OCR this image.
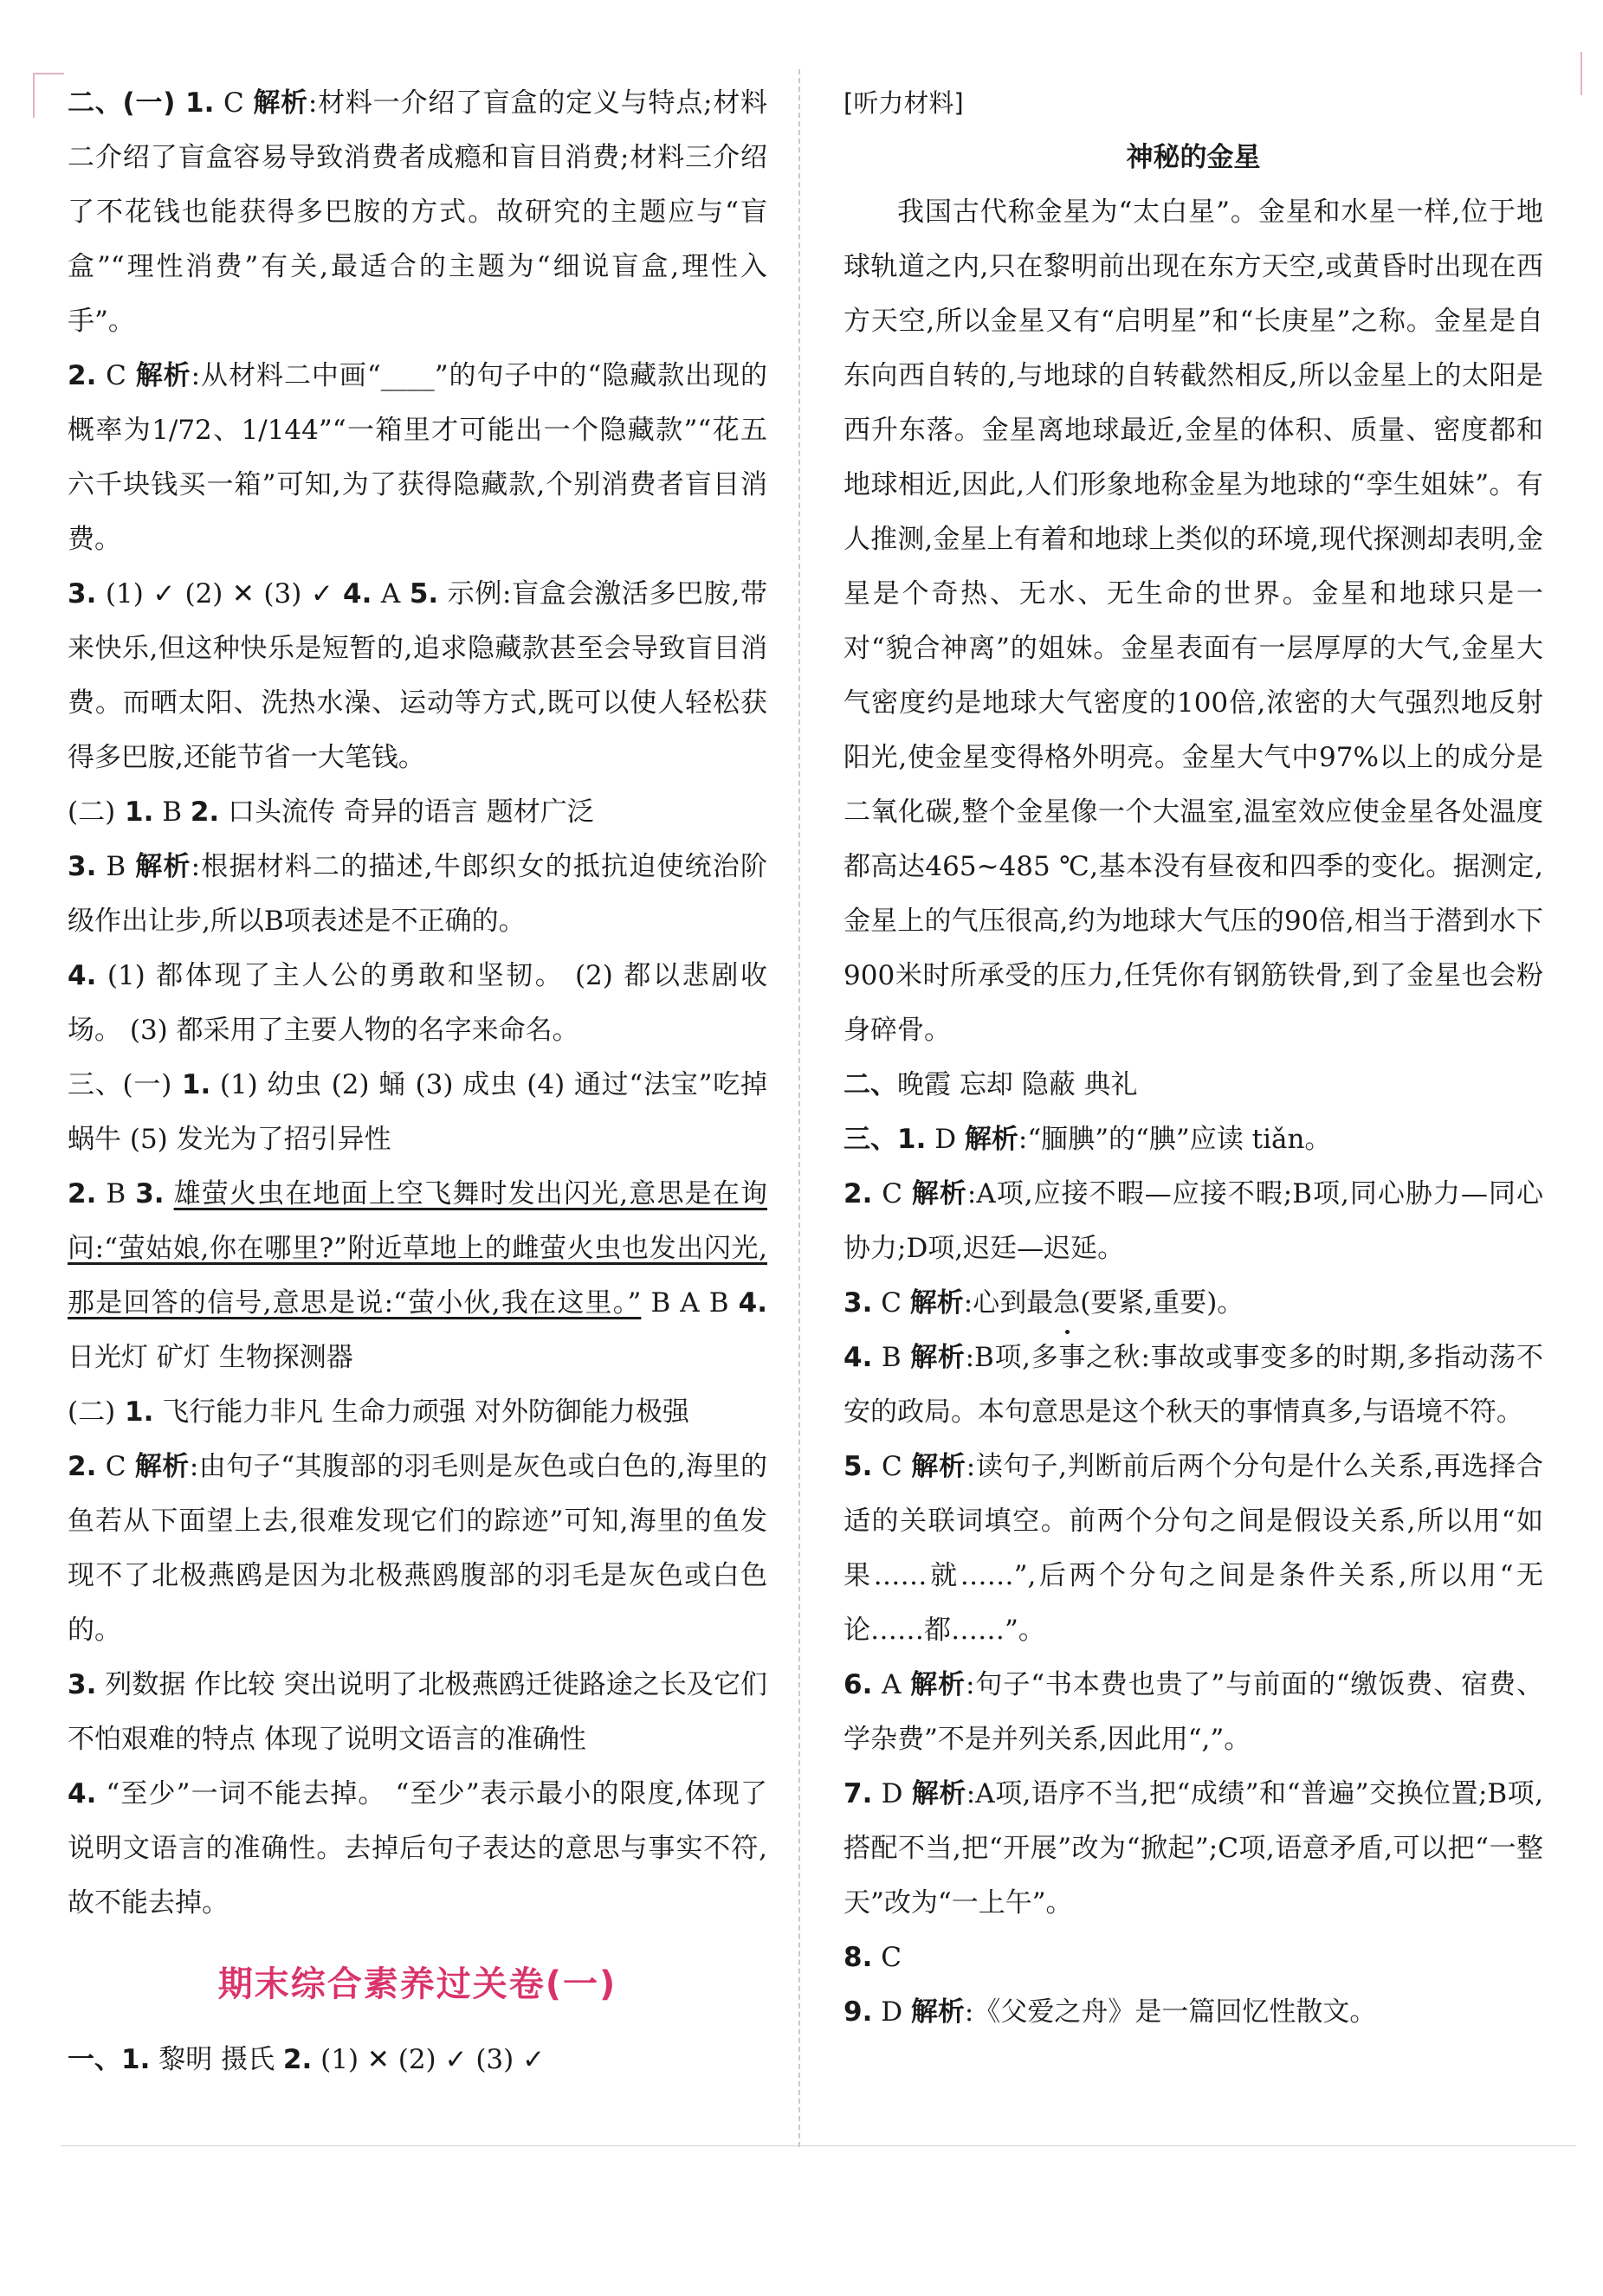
二、(一) 1. C 解析:材料一介绍了盲盒的定义与特点;材料二介绍了盲盒容易导致消费者成瘾和盲目消费;材料三介绍了不花钱也能获得多巴胺的方式。故研究的主题应与“盲盒”“理性消费”有关,最适合的主题为“细说盲盒,理性入手”。

2. C 解析:从材料二中画“____”的句子中的“隐藏款出现的概率为1/72、1/144”“一箱里才可能出一个隐藏款”“花五六千块钱买一箱”可知,为了获得隐藏款,个别消费者盲目消费。

3. (1) ✓ (2) ✕ (3) ✓ 4. A 5. 示例:盲盒会激活多巴胺,带来快乐,但这种快乐是短暂的,追求隐藏款甚至会导致盲目消费。而晒太阳、洗热水澡、运动等方式,既可以使人轻松获得多巴胺,还能节省一大笔钱。

(二) 1. B 2. 口头流传 奇异的语言 题材广泛

3. B 解析:根据材料二的描述,牛郎织女的抵抗迫使统治阶级作出让步,所以B项表述是不正确的。

4. (1) 都体现了主人公的勇敢和坚韧。 (2) 都以悲剧收场。 (3) 都采用了主要人物的名字来命名。

三、(一) 1. (1) 幼虫 (2) 蛹 (3) 成虫 (4) 通过“法宝”吃掉蜗牛 (5) 发光为了招引异性

2. B 3. 雄萤火虫在地面上空飞舞时发出闪光,意思是在询问:“萤姑娘,你在哪里?”附近草地上的雌萤火虫也发出闪光,那是回答的信号,意思是说:“萤小伙,我在这里。” B A B 4. 日光灯 矿灯 生物探测器

(二) 1. 飞行能力非凡 生命力顽强 对外防御能力极强

2. C 解析:由句子“其腹部的羽毛则是灰色或白色的,海里的鱼若从下面望上去,很难发现它们的踪迹”可知,海里的鱼发现不了北极燕鸥是因为北极燕鸥腹部的羽毛是灰色或白色的。

3. 列数据 作比较 突出说明了北极燕鸥迁徙路途之长及它们不怕艰难的特点 体现了说明文语言的准确性

4. “至少”一词不能去掉。 “至少”表示最小的限度,体现了说明文语言的准确性。去掉后句子表达的意思与事实不符,故不能去掉。

期末综合素养过关卷(一)

一、1. 黎明 摄氏 2. (1) ✕ (2) ✓ (3) ✓

[听力材料]

神秘的金星

我国古代称金星为“太白星”。金星和水星一样,位于地球轨道之内,只在黎明前出现在东方天空,或黄昏时出现在西方天空,所以金星又有“启明星”和“长庚星”之称。金星是自东向西自转的,与地球的自转截然相反,所以金星上的太阳是西升东落。金星离地球最近,金星的体积、质量、密度都和地球相近,因此,人们形象地称金星为地球的“孪生姐妹”。有人推测,金星上有着和地球上类似的环境,现代探测却表明,金星是个奇热、无水、无生命的世界。金星和地球只是一对“貌合神离”的姐妹。金星表面有一层厚厚的大气,金星大气密度约是地球大气密度的100倍,浓密的大气强烈地反射阳光,使金星变得格外明亮。金星大气中97%以上的成分是二氧化碳,整个金星像一个大温室,温室效应使金星各处温度都高达465~485 ℃,基本没有昼夜和四季的变化。据测定,金星上的气压很高,约为地球大气压的90倍,相当于潜到水下900米时所承受的压力,任凭你有钢筋铁骨,到了金星也会粉身碎骨。

二、晚霞 忘却 隐蔽 典礼

三、1. D 解析:“腼腆”的“腆”应读 tiǎn。

2. C 解析:A项,应接不暇—应接不暇;B项,同心胁力—同心协力;D项,迟廷—迟延。

3. C 解析:心到最急(要紧,重要)。

4. B 解析:B项,多事之秋:事故或事变多的时期,多指动荡不安的政局。本句意思是这个秋天的事情真多,与语境不符。

5. C 解析:读句子,判断前后两个分句是什么关系,再选择合适的关联词填空。前两个分句之间是假设关系,所以用“如果……就……”,后两个分句之间是条件关系,所以用“无论……都……”。

6. A 解析:句子“书本费也贵了”与前面的“缴饭费、宿费、学杂费”不是并列关系,因此用“,”。

7. D 解析:A项,语序不当,把“成绩”和“普遍”交换位置;B项,搭配不当,把“开展”改为“掀起”;C项,语意矛盾,可以把“一整天”改为“一上午”。

8. C

9. D 解析:《父爱之舟》是一篇回忆性散文。
